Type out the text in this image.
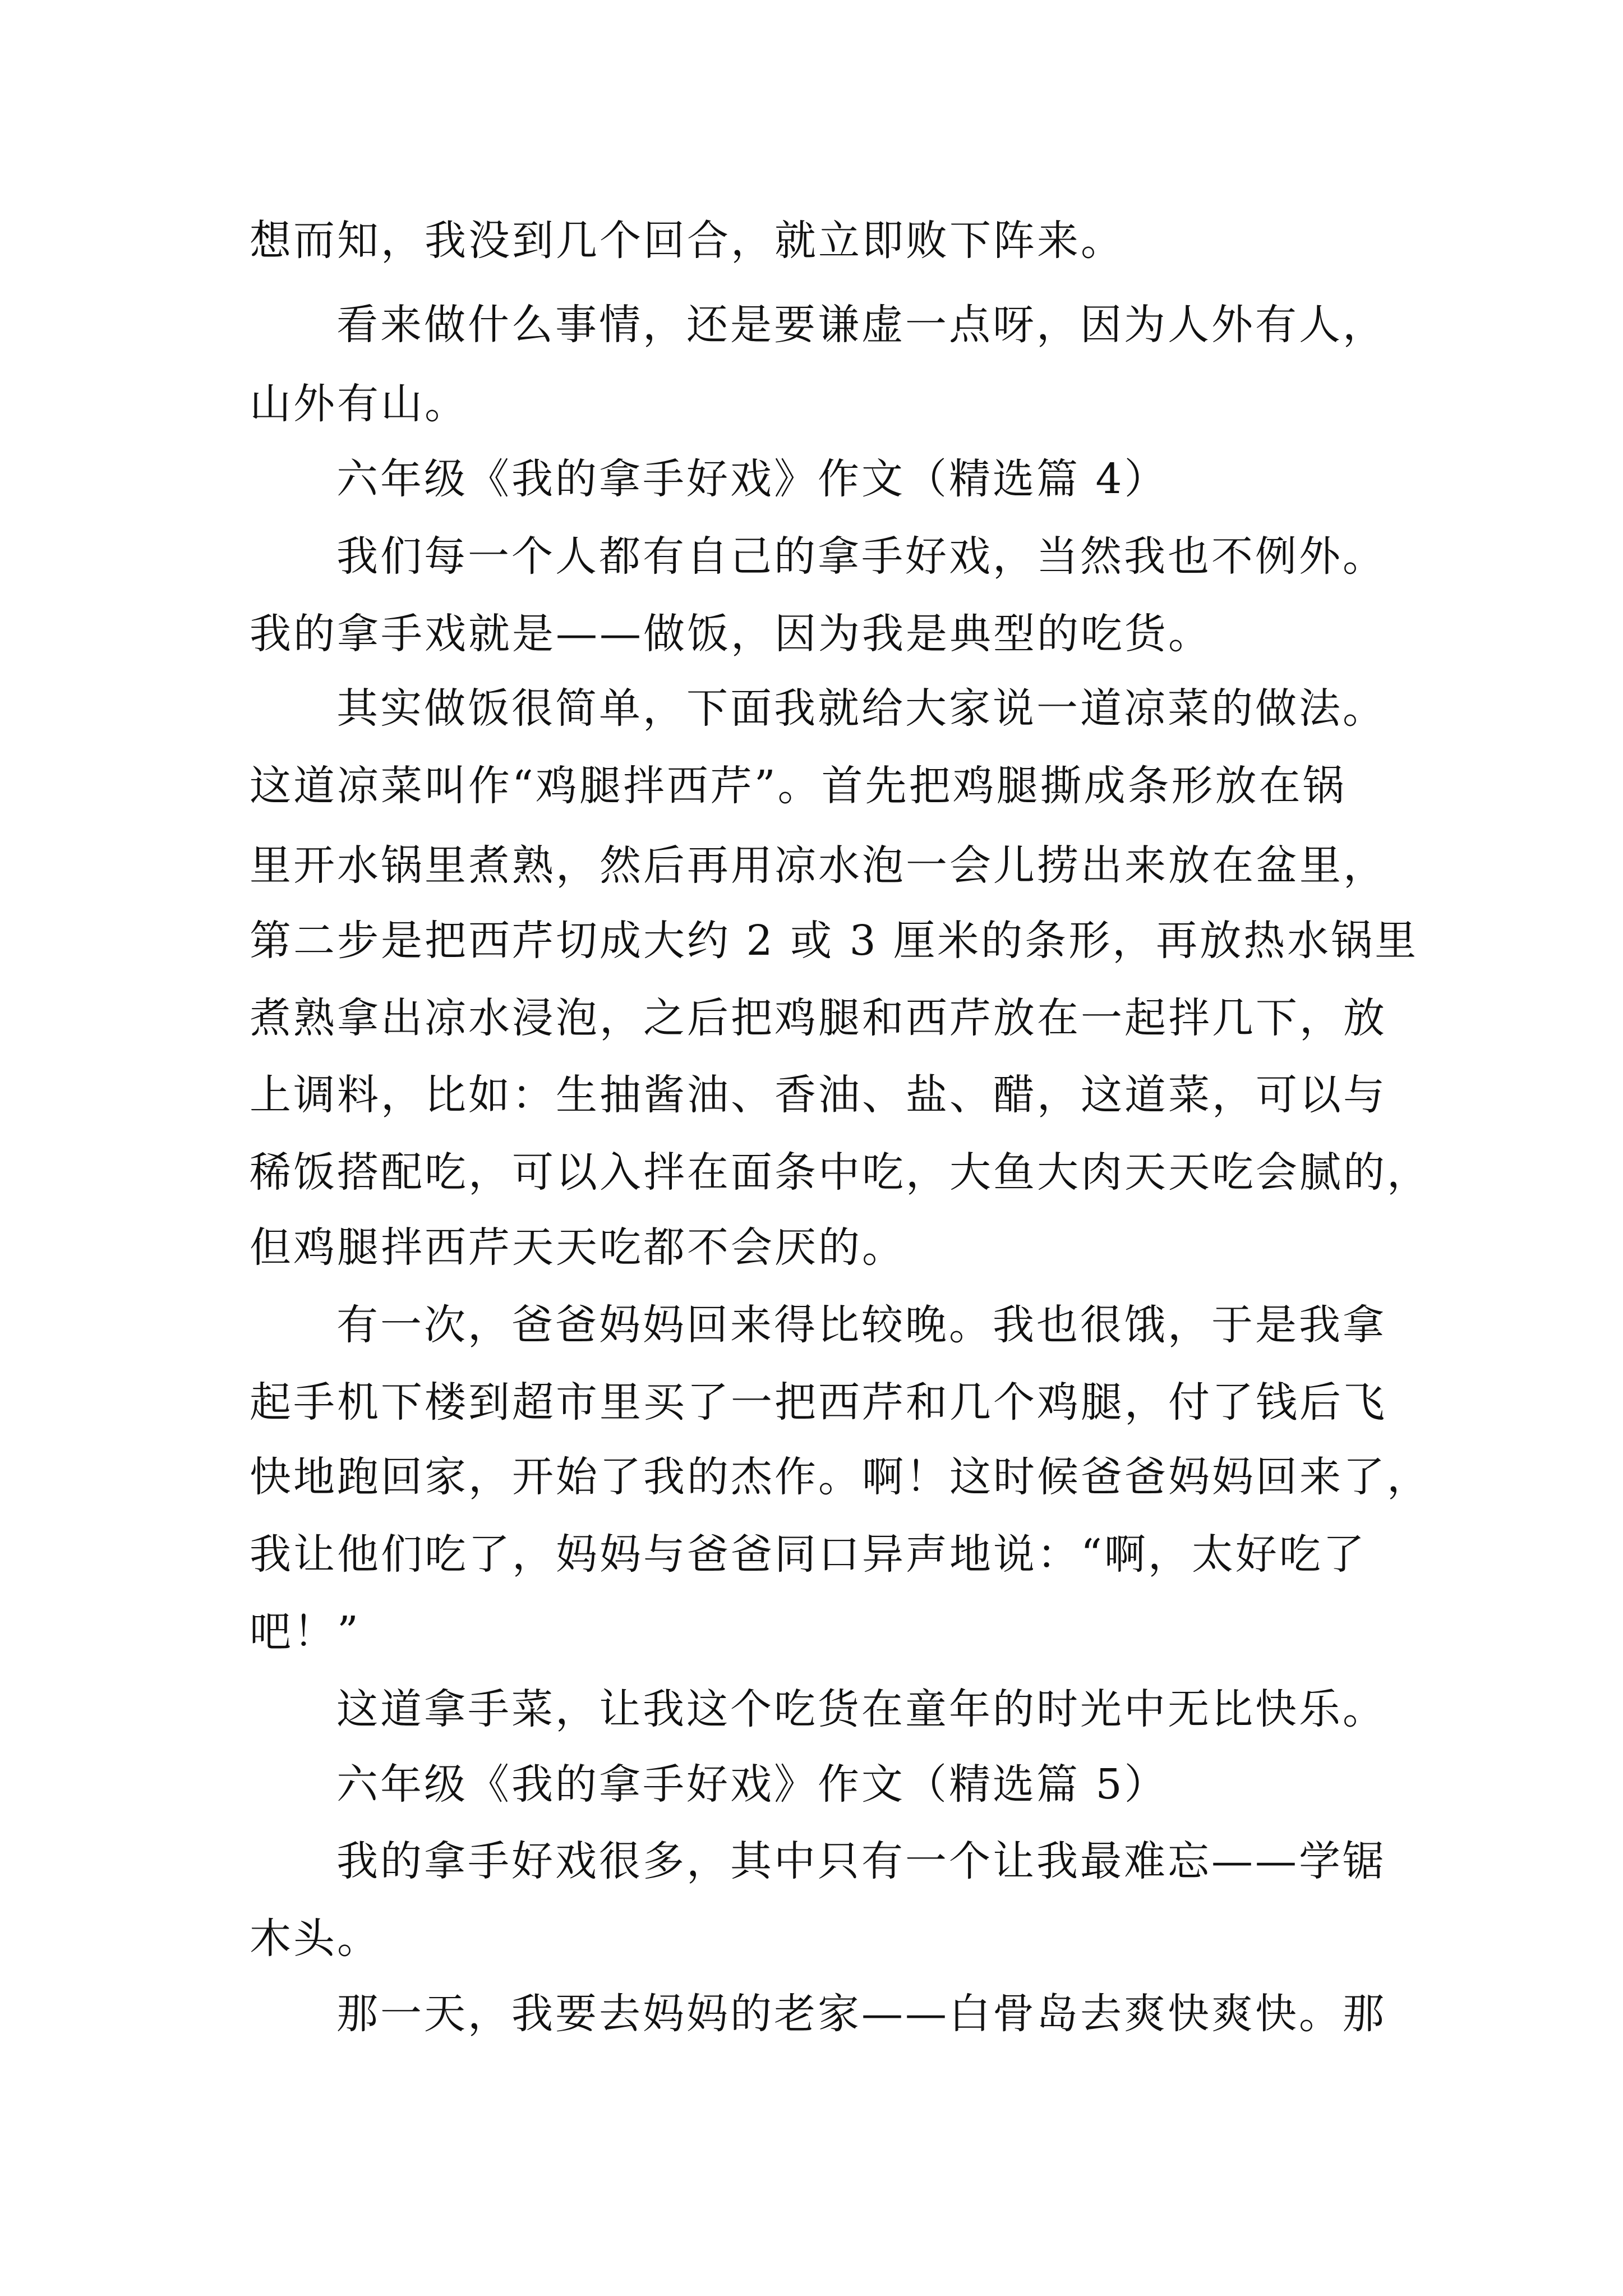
想而知，我没到几个回合，就立即败下阵来。
看来做什么事情，还是要谦虚一点呀，因为人外有人，
山外有山。
六年级《我的拿手好戏》作文（精选篇 4）
我们每一个人都有自己的拿手好戏，当然我也不例外。
我的拿手戏就是——做饭，因为我是典型的吃货。
其实做饭很简单，下面我就给大家说一道凉菜的做法。
这道凉菜叫作“鸡腿拌西芹”。首先把鸡腿撕成条形放在锅
里开水锅里煮熟，然后再用凉水泡一会儿捞出来放在盆里，
第二步是把西芹切成大约 2 或 3 厘米的条形，再放热水锅里
煮熟拿出凉水浸泡，之后把鸡腿和西芹放在一起拌几下，放
上调料，比如：生抽酱油、香油、盐、醋，这道菜，可以与
稀饭搭配吃，可以入拌在面条中吃，大鱼大肉天天吃会腻的，
但鸡腿拌西芹天天吃都不会厌的。
有一次，爸爸妈妈回来得比较晚。我也很饿，于是我拿
起手机下楼到超市里买了一把西芹和几个鸡腿，付了钱后飞
快地跑回家，开始了我的杰作。啊！这时候爸爸妈妈回来了，
我让他们吃了，妈妈与爸爸同口异声地说：“啊，太好吃了
吧！”
这道拿手菜，让我这个吃货在童年的时光中无比快乐。
六年级《我的拿手好戏》作文（精选篇 5）
我的拿手好戏很多，其中只有一个让我最难忘——学锯
木头。
那一天，我要去妈妈的老家——白骨岛去爽快爽快。那
